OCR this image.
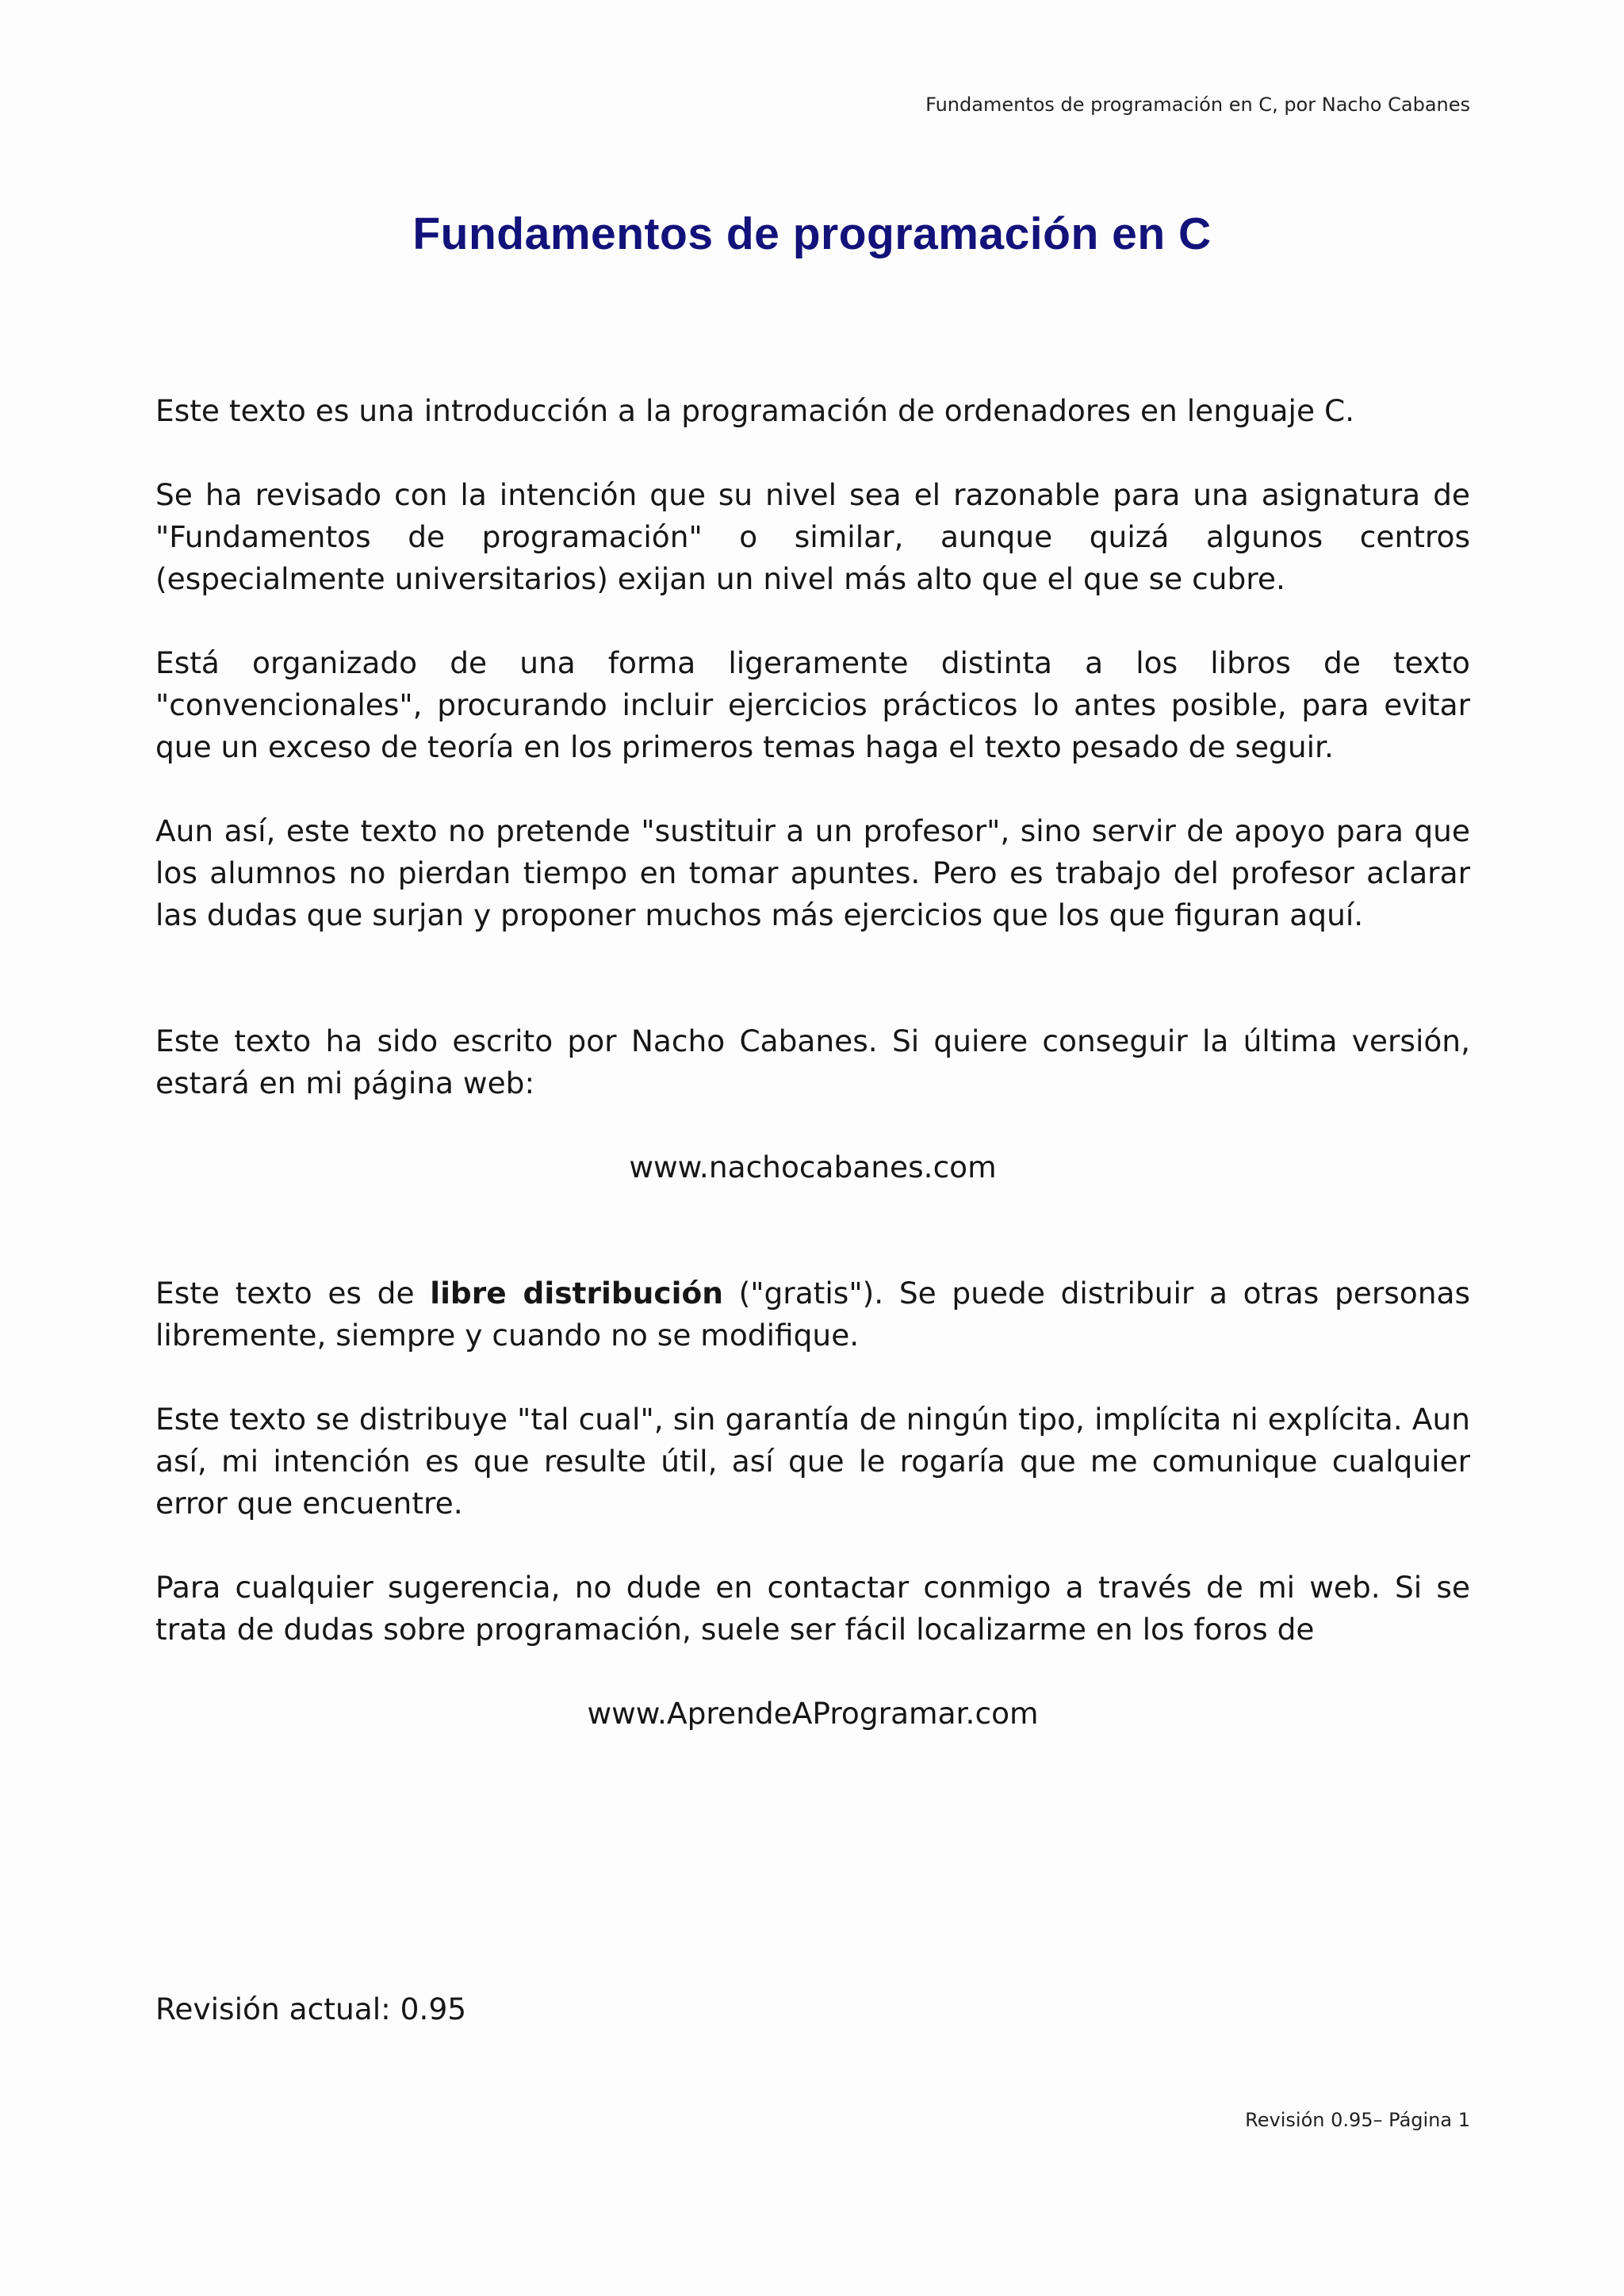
Fundamentos de programación en C, por Nacho Cabanes
Fundamentos de programación en C

Este texto es una introducción a la programación de ordenadores en lenguaje C.

Se ha revisado con la intención que su nivel sea el razonable para una asignatura de "Fundamentos de programación" o similar, aunque quizá algunos centros (especialmente universitarios) exijan un nivel más alto que el que se cubre.

Está organizado de una forma ligeramente distinta a los libros de texto "convencionales", procurando incluir ejercicios prácticos lo antes posible, para evitar que un exceso de teoría en los primeros temas haga el texto pesado de seguir.

Aun así, este texto no pretende "sustituir a un profesor", sino servir de apoyo para que los alumnos no pierdan tiempo en tomar apuntes. Pero es trabajo del profesor aclarar las dudas que surjan y proponer muchos más ejercicios que los que figuran aquí.

Este texto ha sido escrito por Nacho Cabanes. Si quiere conseguir la última versión, estará en mi página web:

www.nachocabanes.com

Este texto es de libre distribución ("gratis"). Se puede distribuir a otras personas libremente, siempre y cuando no se modifique.

Este texto se distribuye "tal cual", sin garantía de ningún tipo, implícita ni explícita. Aun así, mi intención es que resulte útil, así que le rogaría que me comunique cualquier error que encuentre.

Para cualquier sugerencia, no dude en contactar conmigo a través de mi web. Si se trata de dudas sobre programación, suele ser fácil localizarme en los foros de

www.AprendeAProgramar.com

Revisión actual: 0.95
Revisión 0.95– Página 1
